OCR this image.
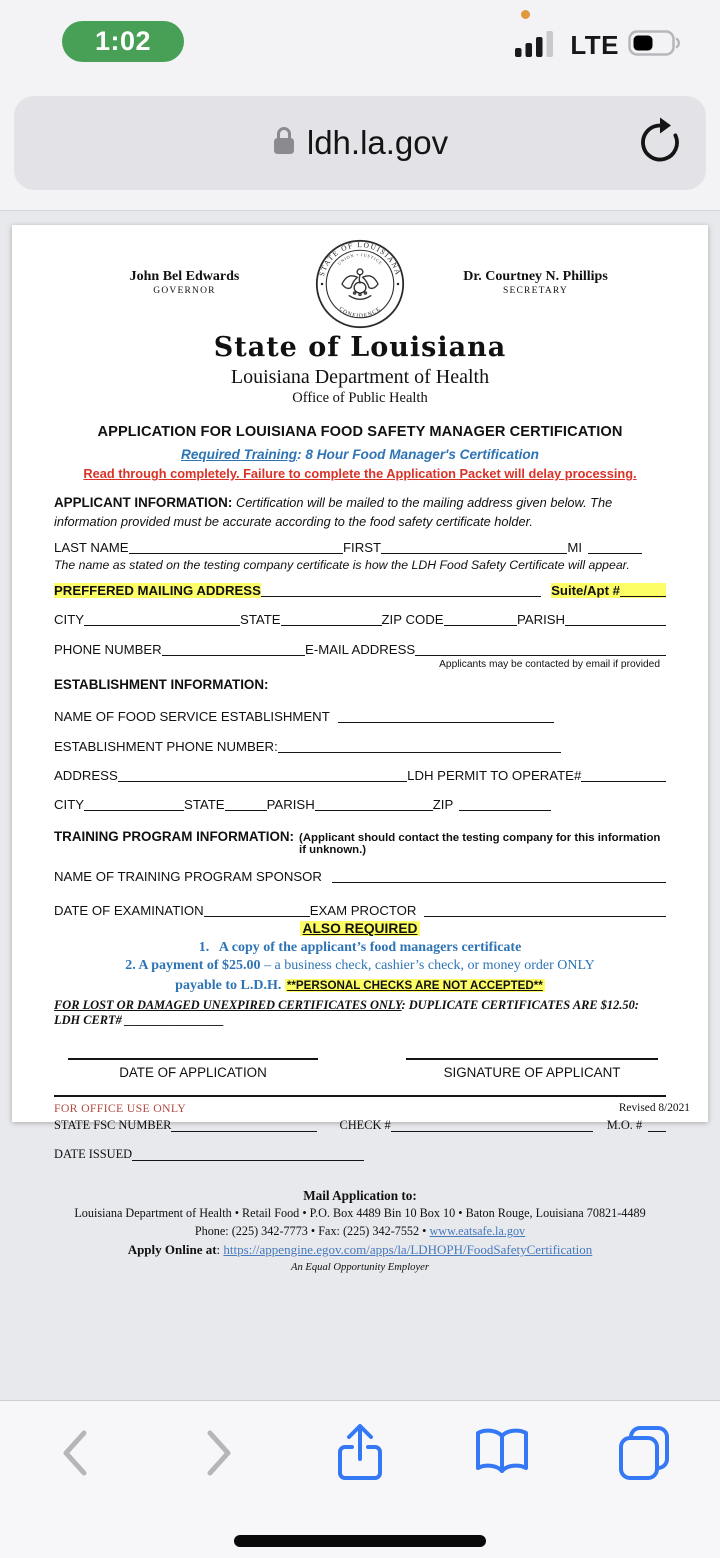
1:02	LTE
ldh.la.gov
John Bel Edwards
GOVERNOR
STATE OF LOUISIANA
UNION • JUSTICE
CONFIDENCE
Dr. Courtney N. Phillips
SECRETARY
State of Louisiana
Louisiana Department of Health
Office of Public Health
APPLICATION FOR LOUISIANA FOOD SAFETY MANAGER CERTIFICATION
Required Training: 8 Hour Food Manager's Certification
Read through completely. Failure to complete the Application Packet will delay processing.
APPLICANT INFORMATION: Certification will be mailed to the mailing address given below. The information provided must be accurate according to the food safety certificate holder.
LAST NAME	FIRST	MI
The name as stated on the testing company certificate is how the LDH Food Safety Certificate will appear.
PREFFERED MAILING ADDRESS	Suite/Apt #
CITY	STATE	ZIP CODE	PARISH
PHONE NUMBER	E-MAIL ADDRESS
Applicants may be contacted by email if provided
ESTABLISHMENT INFORMATION:
NAME OF FOOD SERVICE ESTABLISHMENT
ESTABLISHMENT PHONE NUMBER:
ADDRESS	LDH PERMIT TO OPERATE#
CITY	STATE	PARISH	ZIP
TRAINING PROGRAM INFORMATION: (Applicant should contact the testing company for this information if unknown.)
NAME OF TRAINING PROGRAM SPONSOR
DATE OF EXAMINATION	EXAM PROCTOR
ALSO REQUIRED
1. A copy of the applicant’s food managers certificate
2. A payment of $25.00 – a business check, cashier’s check, or money order ONLY
payable to L.D.H. **PERSONAL CHECKS ARE NOT ACCEPTED**
FOR LOST OR DAMAGED UNEXPIRED CERTIFICATES ONLY: DUPLICATE CERTIFICATES ARE $12.50: LDH CERT# ________________
DATE OF APPLICATION	SIGNATURE OF APPLICANT
FOR OFFICE USE ONLY
STATE FSC NUMBER	CHECK #	M.O. #
DATE ISSUED
Mail Application to:
Louisiana Department of Health • Retail Food • P.O. Box 4489 Bin 10 Box 10 • Baton Rouge, Louisiana 70821-4489
Phone: (225) 342-7773 • Fax: (225) 342-7552 • www.eatsafe.la.gov
Apply Online at: https://appengine.egov.com/apps/la/LDHOPH/FoodSafetyCertification
An Equal Opportunity Employer
Revised 8/2021
